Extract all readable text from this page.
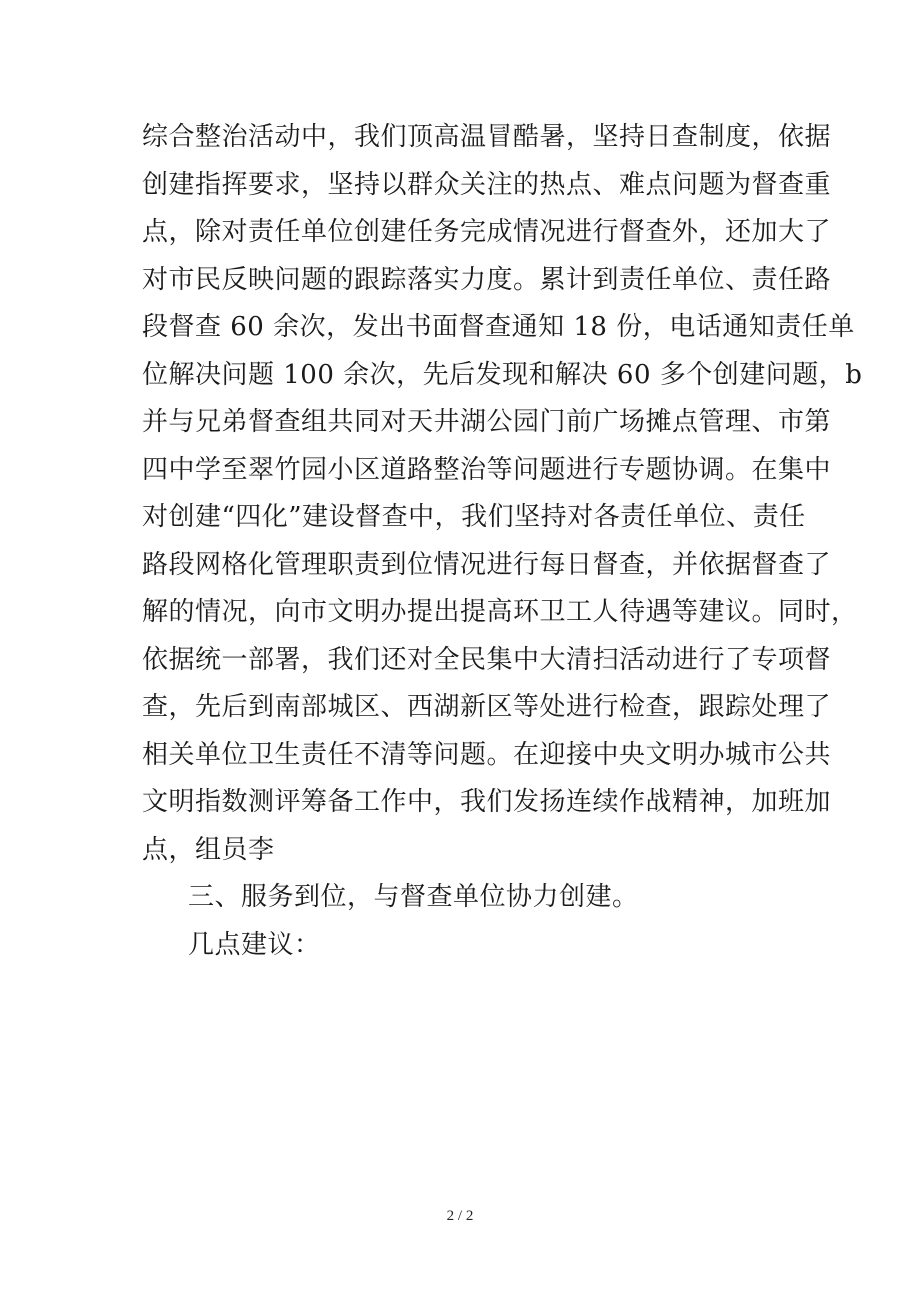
综合整治活动中，我们顶高温冒酷暑，坚持日查制度，依据
创建指挥要求，坚持以群众关注的热点、难点问题为督查重
点，除对责任单位创建任务完成情况进行督查外，还加大了
对市民反映问题的跟踪落实力度。累计到责任单位、责任路
段督查 60 余次，发出书面督查通知 18 份，电话通知责任单
位解决问题 100 余次，先后发现和解决 60 多个创建问题，b
并与兄弟督查组共同对天井湖公园门前广场摊点管理、市第
四中学至翠竹园小区道路整治等问题进行专题协调。在集中
对创建“四化”建设督查中，我们坚持对各责任单位、责任
路段网格化管理职责到位情况进行每日督查，并依据督查了
解的情况，向市文明办提出提高环卫工人待遇等建议。同时，
依据统一部署，我们还对全民集中大清扫活动进行了专项督
查，先后到南部城区、西湖新区等处进行检查，跟踪处理了
相关单位卫生责任不清等问题。在迎接中央文明办城市公共
文明指数测评筹备工作中，我们发扬连续作战精神，加班加
点，组员李
三、服务到位，与督查单位协力创建。
几点建议：
2 / 2
